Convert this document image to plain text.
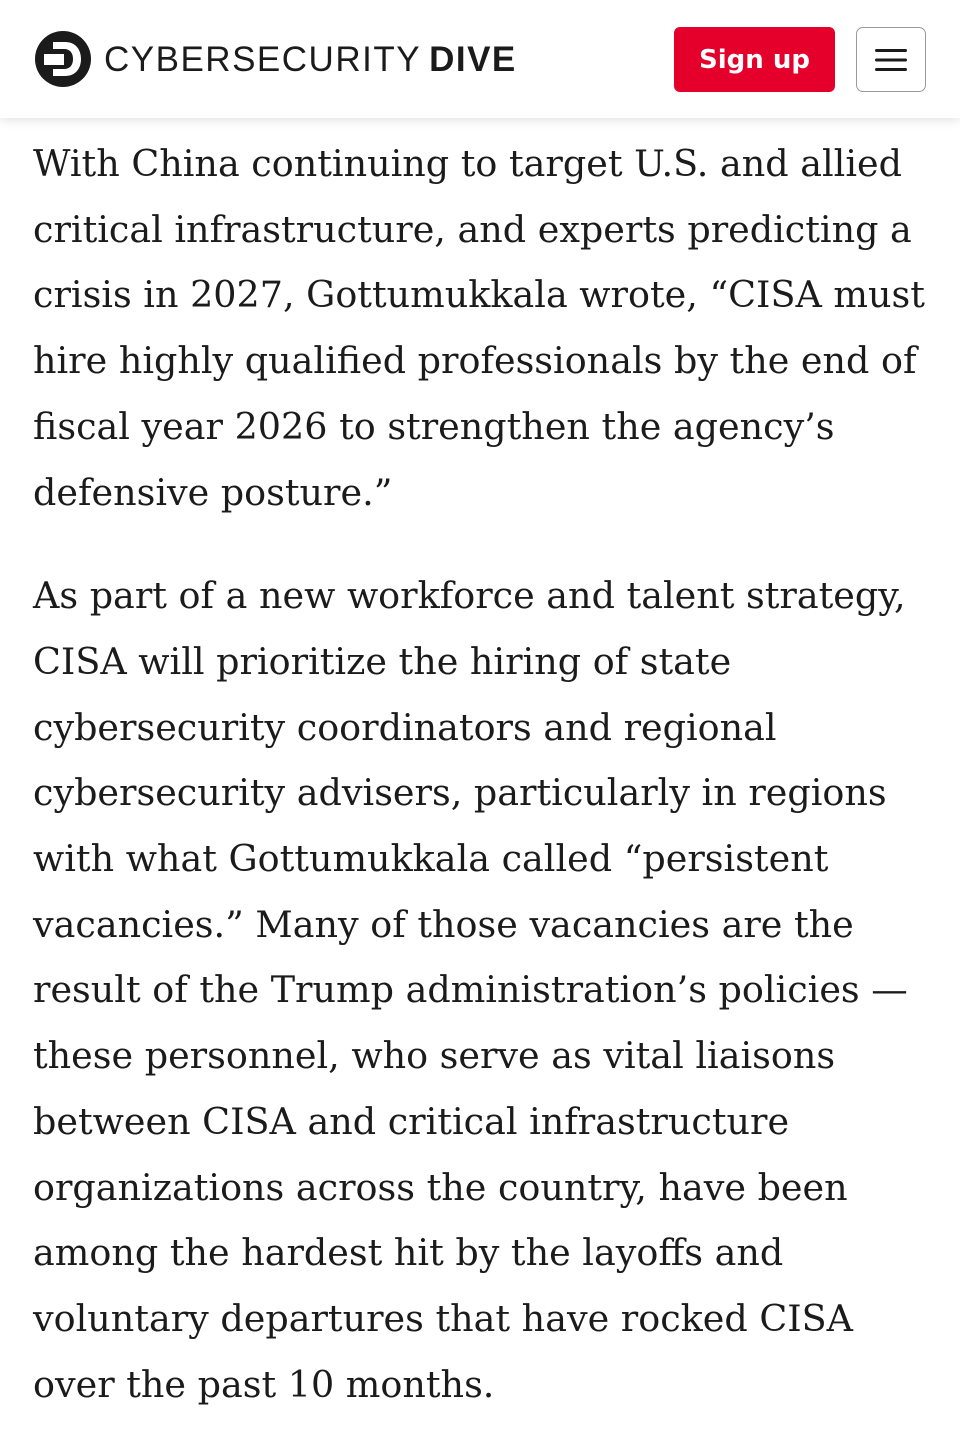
CYBERSECURITY DIVE	Sign up

With China continuing to target U.S. and allied critical infrastructure, and experts predicting a crisis in 2027, Gottumukkala wrote, “CISA must hire highly qualified professionals by the end of fiscal year 2026 to strengthen the agency’s defensive posture.”

As part of a new workforce and talent strategy, CISA will prioritize the hiring of state cybersecurity coordinators and regional cybersecurity advisers, particularly in regions with what Gottumukkala called “persistent vacancies.” Many of those vacancies are the result of the Trump administration’s policies — these personnel, who serve as vital liaisons between CISA and critical infrastructure organizations across the country, have been among the hardest hit by the layoffs and voluntary departures that have rocked CISA over the past 10 months.
